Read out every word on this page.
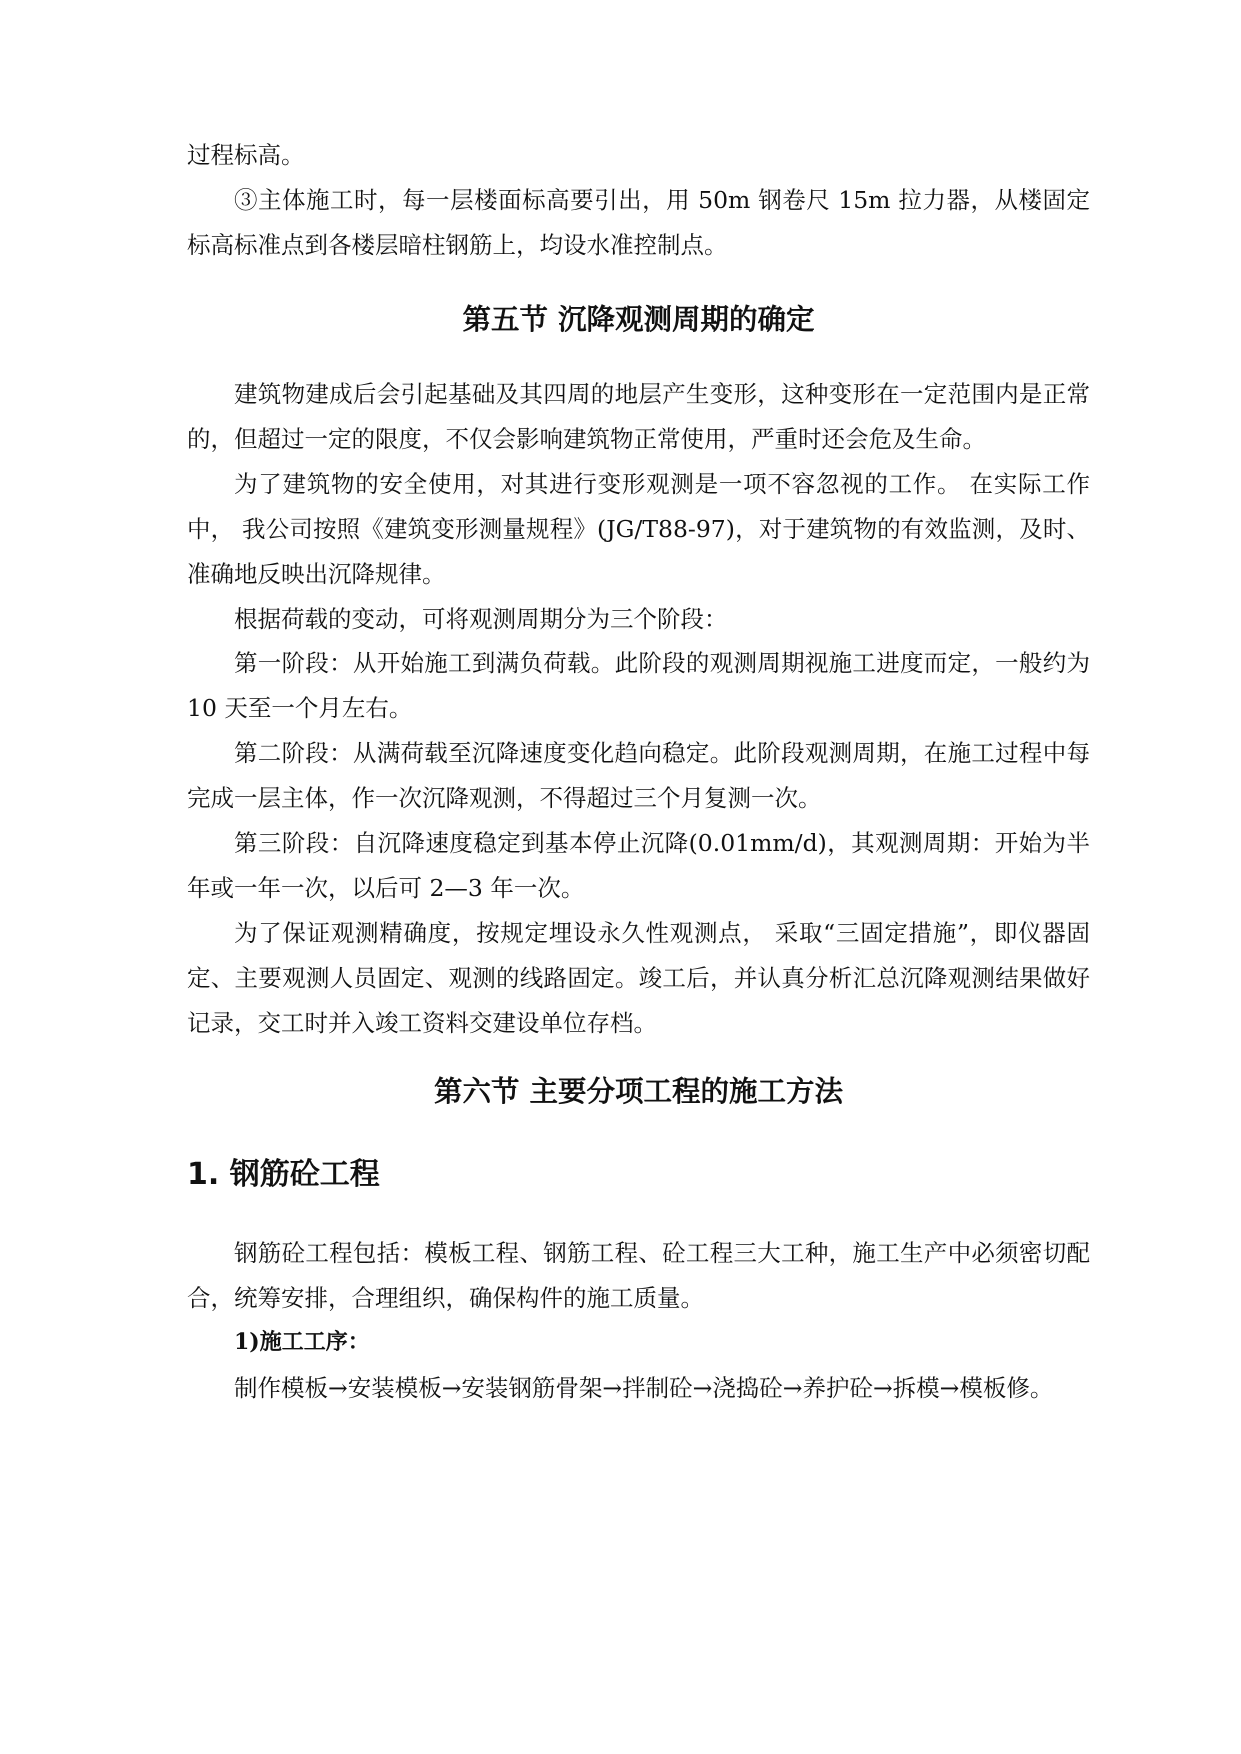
过程标高。

③主体施工时，每一层楼面标高要引出，用 50m 钢卷尺 15m 拉力器，从楼固定标高标准点到各楼层暗柱钢筋上，均设水准控制点。

第五节 沉降观测周期的确定

建筑物建成后会引起基础及其四周的地层产生变形，这种变形在一定范围内是正常的，但超过一定的限度，不仅会影响建筑物正常使用，严重时还会危及生命。

为了建筑物的安全使用，对其进行变形观测是一项不容忽视的工作。 在实际工作中， 我公司按照《建筑变形测量规程》(JG/T88-97)，对于建筑物的有效监测，及时、 准确地反映出沉降规律。

根据荷载的变动，可将观测周期分为三个阶段：

第一阶段：从开始施工到满负荷载。此阶段的观测周期视施工进度而定，一般约为 10 天至一个月左右。

第二阶段：从满荷载至沉降速度变化趋向稳定。此阶段观测周期，在施工过程中每完成一层主体，作一次沉降观测，不得超过三个月复测一次。

第三阶段：自沉降速度稳定到基本停止沉降(0.01mm/d)，其观测周期：开始为半年或一年一次，以后可 2—3 年一次。

为了保证观测精确度，按规定埋设永久性观测点， 采取“三固定措施”，即仪器固定、主要观测人员固定、观测的线路固定。竣工后，并认真分析汇总沉降观测结果做好记录，交工时并入竣工资料交建设单位存档。

第六节 主要分项工程的施工方法
1. 钢筋砼工程

钢筋砼工程包括：模板工程、钢筋工程、砼工程三大工种，施工生产中必须密切配合，统筹安排，合理组织，确保构件的施工质量。

1)施工工序：

制作模板→安装模板→安装钢筋骨架→拌制砼→浇捣砼→养护砼→拆模→模板修。
